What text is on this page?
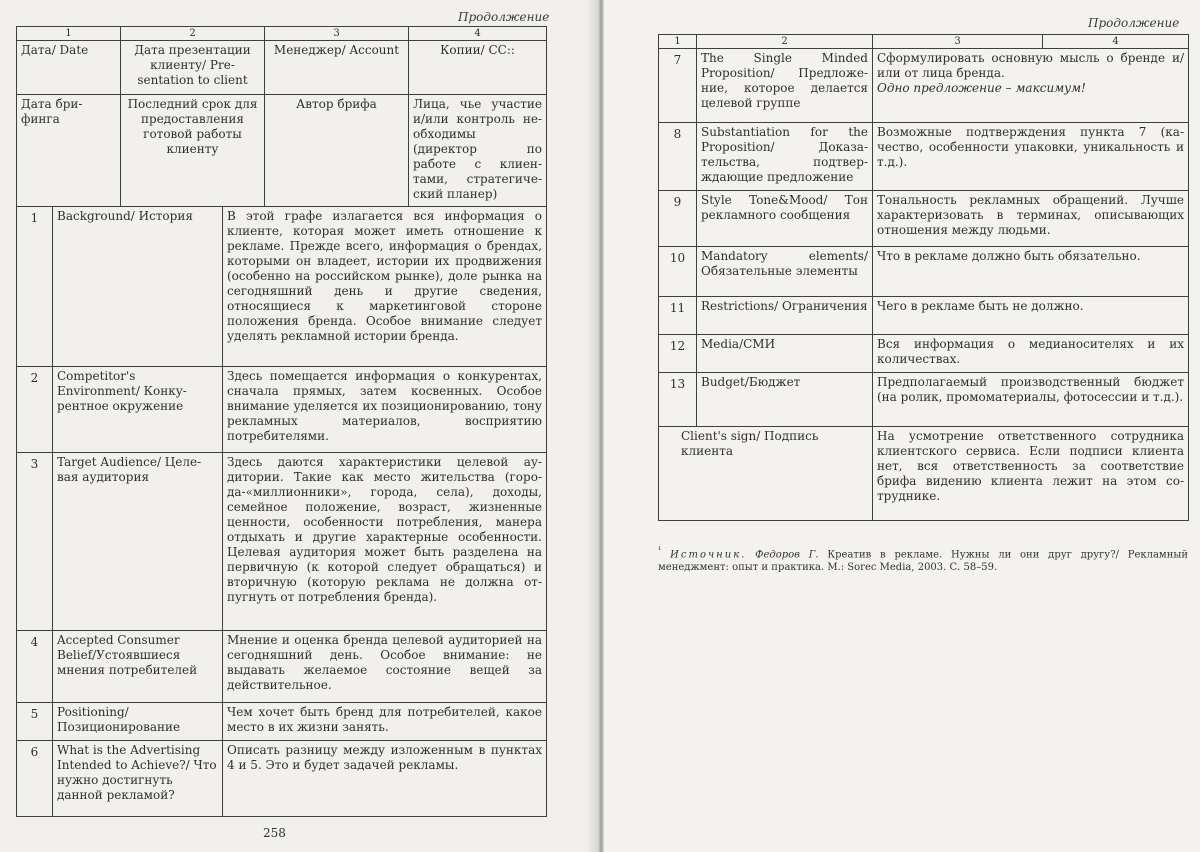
Продолжение
1	2	3	4
Дата/ Date	Дата презентации клиенту/ Presentation to client	Менеджер/ Account	Копии/ CC::
Дата брифинга	Последний срок для предоставления готовой работы клиенту	Автор брифа	Лица, чье участие и/или контроль необходимы (директор по работе с клиентами, стратегический планер)
1	Background/ История	В этой графе излагается вся информация о клиенте, которая может иметь отношение к рекламе. Прежде всего, информация о брендах, которыми он владеет, истории их продвижения (особенно на российском рынке), доле рынка на сегодняшний день и другие сведения, относящиеся к маркетинговой стороне положения бренда. Особое внимание следует уделять рекламной истории бренда.
2	Competitor's Environment/ Конкурентное окружение	Здесь помещается информация о конкурентах, сначала прямых, затем косвенных. Особое внимание уделяется их позиционированию, тону рекламных материалов, восприятию потребителями.
3	Target Audience/ Целевая аудитория	Здесь даются характеристики целевой аудитории. Такие как место жительства (города-«миллионники», города, села), доходы, семейное положение, возраст, жизненные ценности, особенности потребления, манера отдыхать и другие характерные особенности. Целевая аудитория может быть разделена на первичную (к которой следует обращаться) и вторичную (которую реклама не должна отпугнуть от потребления бренда).
4	Accepted Consumer Belief/Устоявшиеся мнения потребителей	Мнение и оценка бренда целевой аудиторией на сегодняшний день. Особое внимание: не выдавать желаемое состояние вещей за действительное.
5	Positioning/ Позиционирование	Чем хочет быть бренд для потребителей, какое место в их жизни занять.
6	What is the Advertising Intended to Achieve?/ Что нужно достигнуть данной рекламой?	Описать разницу между изложенным в пунктах 4 и 5. Это и будет задачей рекламы.
258
Продолжение
1	2	3	4
7	The Single Minded Proposition/ Предложение, которое делается целевой группе	Сформулировать основную мысль о бренде и/или от лица бренда.
Одно предложение – максимум!	
8	Substantiation for the Proposition/ Доказательства, подтверждающие предложение	Возможные подтверждения пункта 7 (качество, особенности упаковки, уникальность и т.д.).	
9	Style Tone&Mood/ Тон рекламного сообщения	Тональность рекламных обращений. Лучше характеризовать в терминах, описывающих отношения между людьми.	
10	Mandatory elements/ Обязательные элементы	Что в рекламе должно быть обязательно.	
11	Restrictions/ Ограничения	Чего в рекламе быть не должно.	
12	Media/СМИ	Вся информация о медианосителях и их количествах.	
13	Budget/Бюджет	Предполагаемый производственный бюджет (на ролик, промоматериалы, фотосессии и т.д.).	
Client's sign/ Подпись клиента		На усмотрение ответственного сотрудника клиентского сервиса. Если подписи клиента нет, вся ответственность за соответствие брифа видению клиента лежит на этом сотруднике.	
$^{^1}$ Источник. Федоров Г. Креатив в рекламе. Нужны ли они друг другу?/ Рекламный менеджмент: опыт и практика. М.: Sorec Media, 2003. С. 58–59.
